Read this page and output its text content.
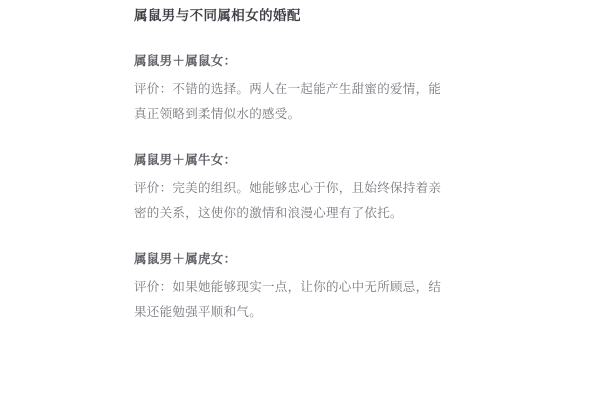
属鼠男与不同属相女的婚配
属鼠男＋属鼠女：

评价：不错的选择。两人在一起能产生甜蜜的爱情，能真正领略到柔情似水的感受。

属鼠男＋属牛女：

评价：完美的组织。她能够忠心于你，且始终保持着亲密的关系，这使你的激情和浪漫心理有了依托。

属鼠男＋属虎女：

评价：如果她能够现实一点，让你的心中无所顾忌，结果还能勉强平顺和气。
